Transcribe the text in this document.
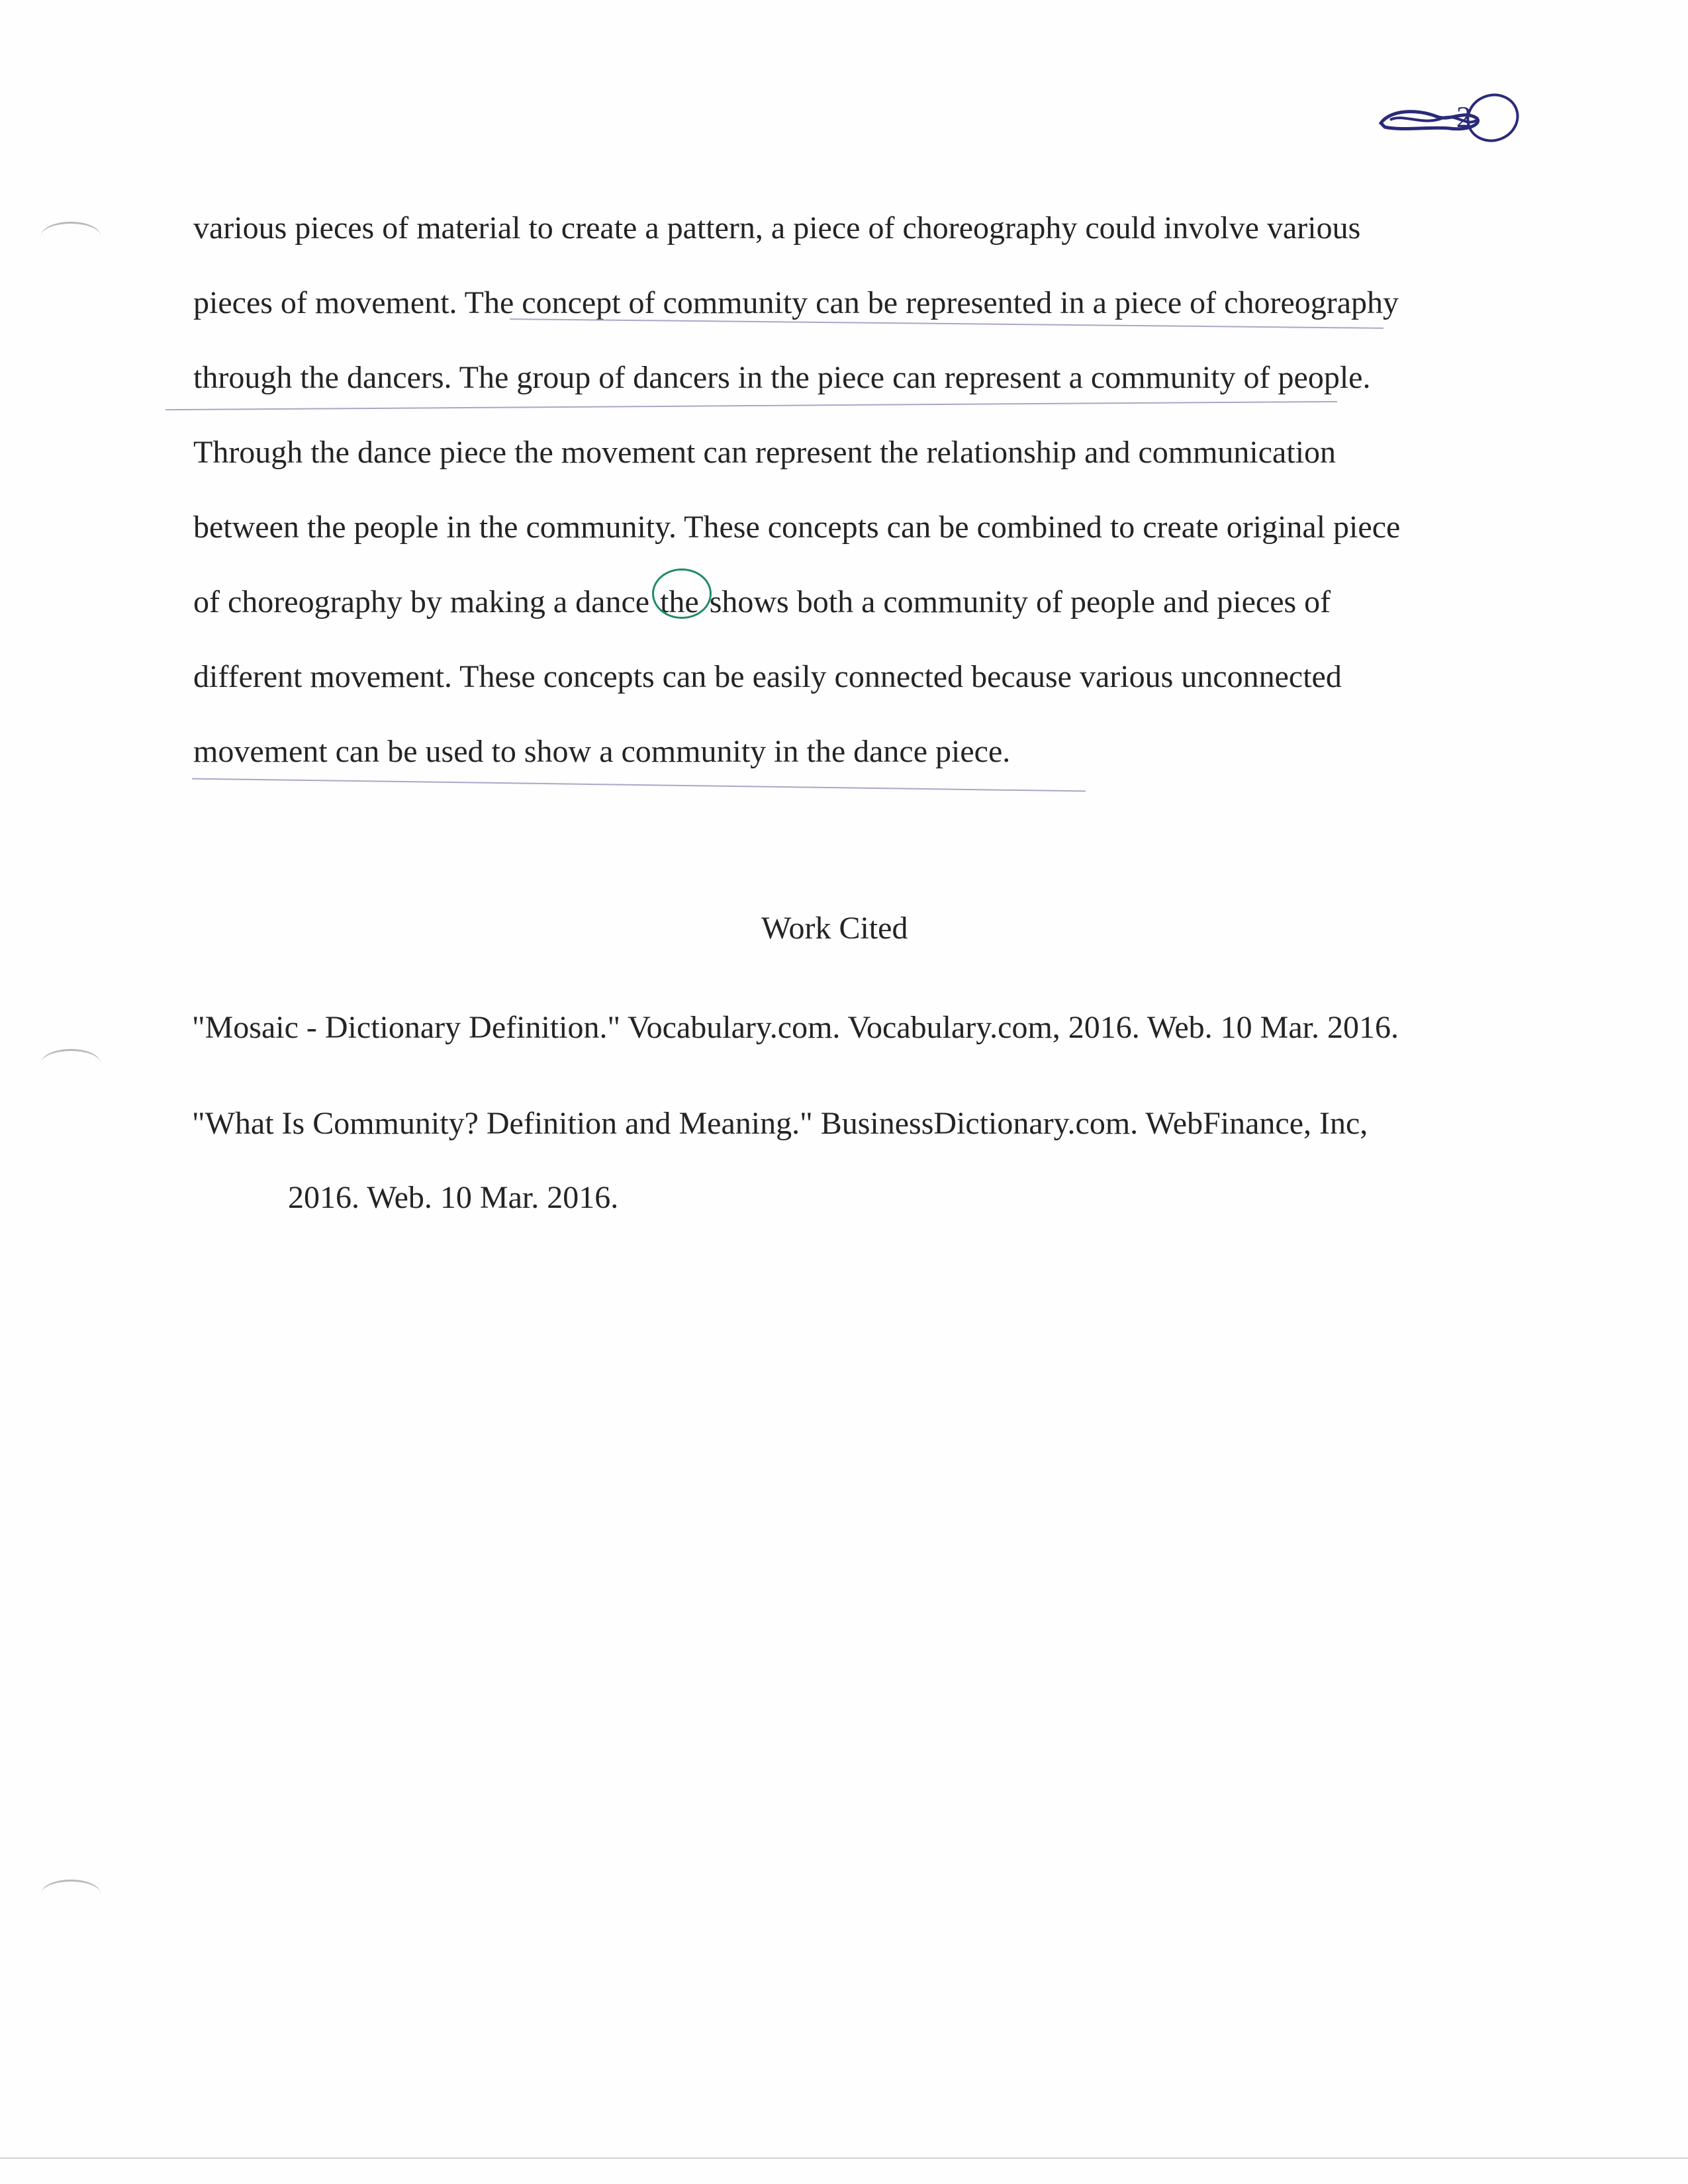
2
various pieces of material to create a pattern, a piece of choreography could involve various
pieces of movement. The concept of community can be represented in a piece of choreography
through the dancers. The group of dancers in the piece can represent a community of people.
Through the dance piece the movement can represent the relationship and communication
between the people in the community. These concepts can be combined to create original piece
of choreography by making a dance the shows both a community of people and pieces of
different movement. These concepts can be easily connected because various unconnected
movement can be used to show a community in the dance piece.
Work Cited
"Mosaic - Dictionary Definition." Vocabulary.com. Vocabulary.com, 2016. Web. 10 Mar. 2016.
"What Is Community? Definition and Meaning." BusinessDictionary.com. WebFinance, Inc,
2016. Web. 10 Mar. 2016.
